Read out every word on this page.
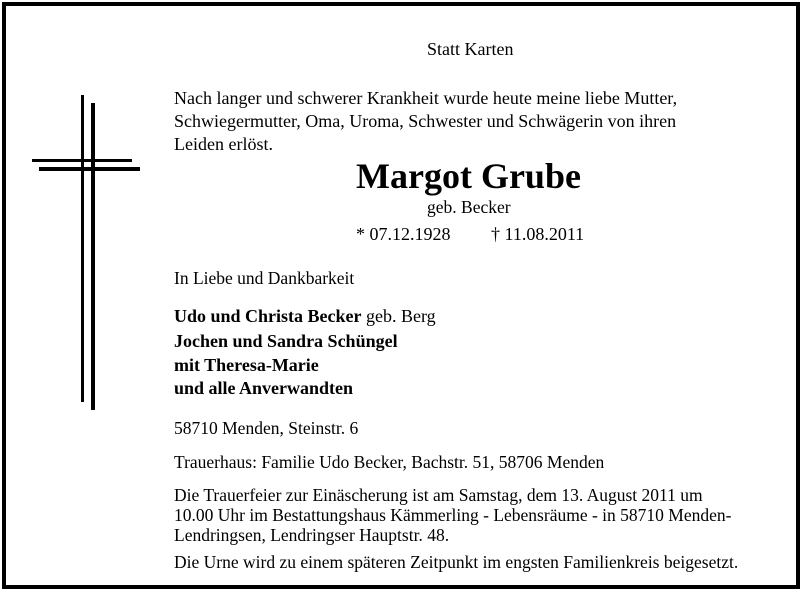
Statt Karten
Nach langer und schwerer Krankheit wurde heute meine liebe Mutter,
Schwiegermutter, Oma, Uroma, Schwester und Schwägerin von ihren
Leiden erlöst.
Margot Grube
geb. Becker
* 07.12.1928 † 11.08.2011
In Liebe und Dankbarkeit
Udo und Christa Becker geb. Berg
Jochen und Sandra Schüngel
mit Theresa-Marie
und alle Anverwandten
58710 Menden, Steinstr. 6
Trauerhaus: Familie Udo Becker, Bachstr. 51, 58706 Menden
Die Trauerfeier zur Einäscherung ist am Samstag, dem 13. August 2011 um
10.00 Uhr im Bestattungshaus Kämmerling - Lebensräume - in 58710 Menden-
Lendringsen, Lendringser Hauptstr. 48.
Die Urne wird zu einem späteren Zeitpunkt im engsten Familienkreis beigesetzt.
